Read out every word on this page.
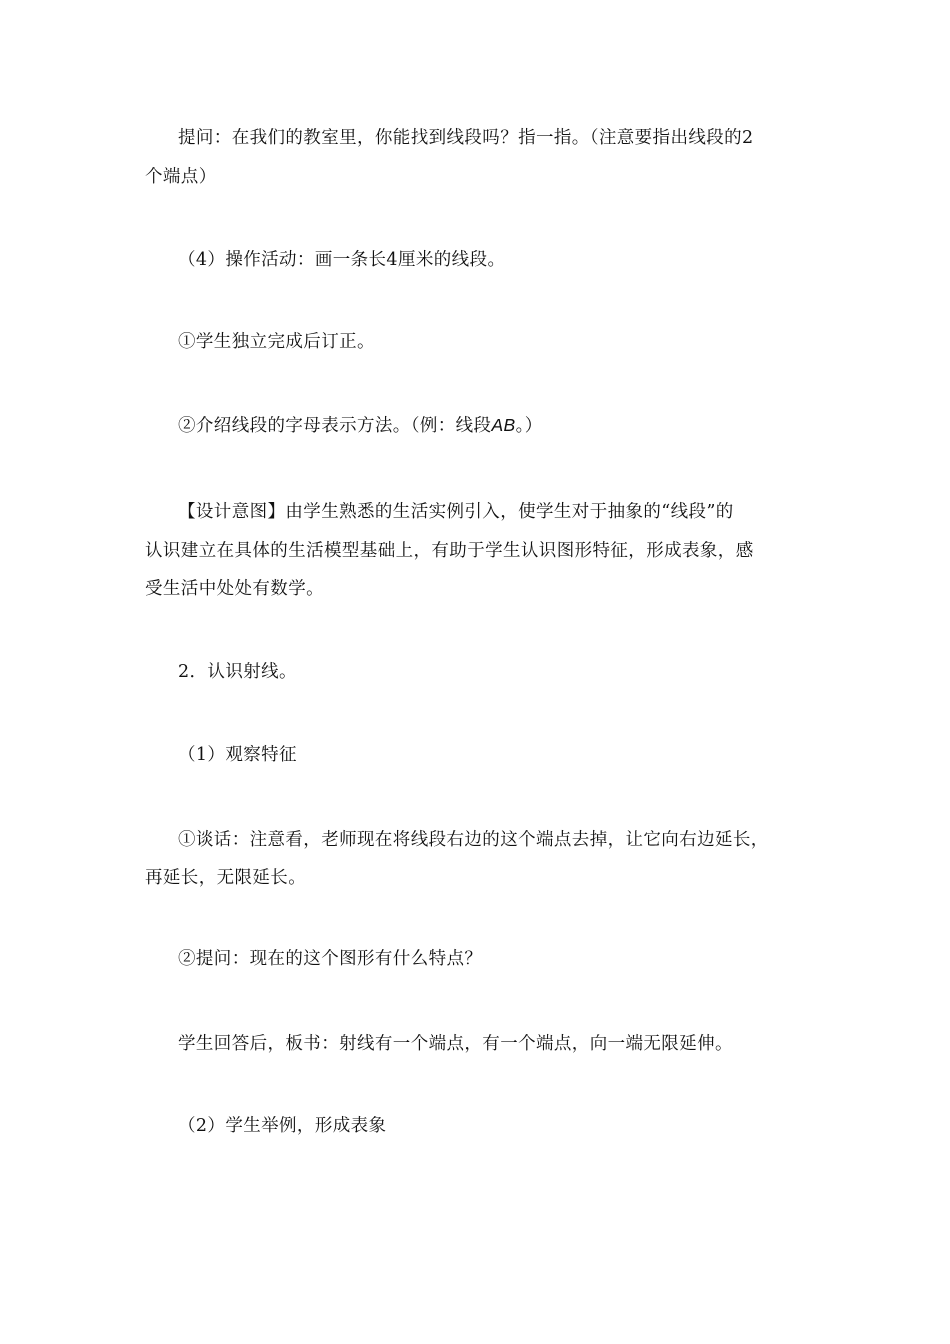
提问：在我们的教室里，你能找到线段吗？指一指。（注意要指出线段的2
个端点）
（4）操作活动：画一条长4厘米的线段。
①学生独立完成后订正。
②介绍线段的字母表示方法。（例：线段AB。）
【设计意图】由学生熟悉的生活实例引入，使学生对于抽象的“线段”的
认识建立在具体的生活模型基础上，有助于学生认识图形特征，形成表象，感
受生活中处处有数学。
2．认识射线。
（1）观察特征
①谈话：注意看，老师现在将线段右边的这个端点去掉，让它向右边延长，
再延长，无限延长。
②提问：现在的这个图形有什么特点？
学生回答后，板书：射线有一个端点，有一个端点，向一端无限延伸。
（2）学生举例，形成表象
